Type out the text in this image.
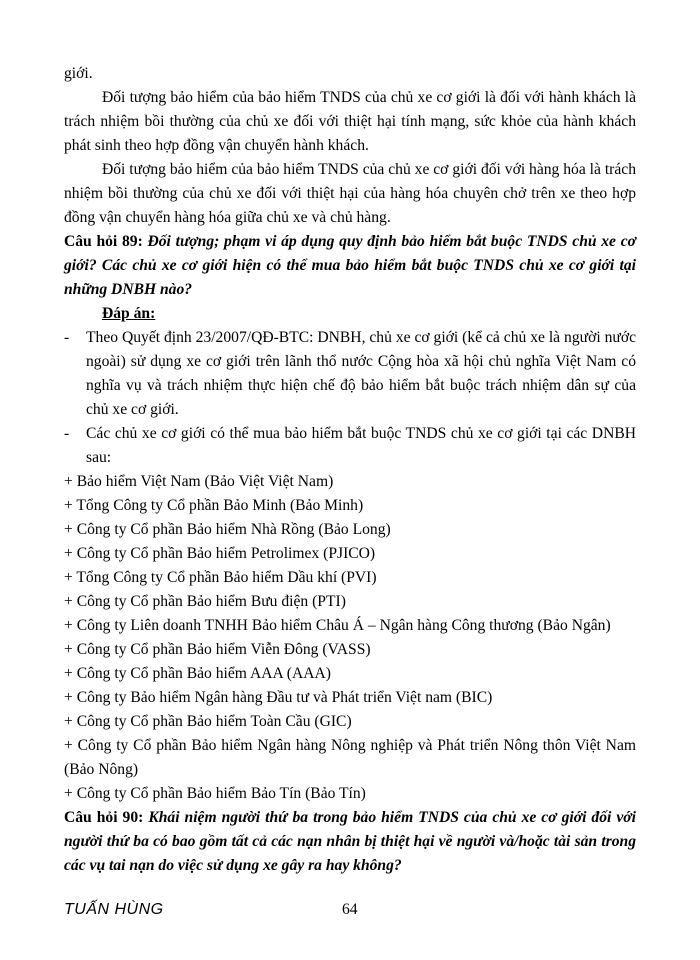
giới.

Đối tượng bảo hiểm của bảo hiểm TNDS của chủ xe cơ giới là đối với hành khách là trách nhiệm bồi thường của chủ xe đối với thiệt hại tính mạng, sức khỏe của hành khách phát sinh theo hợp đồng vận chuyển hành khách.

Đối tượng bảo hiểm của bảo hiểm TNDS của chủ xe cơ giới đối với hàng hóa là trách nhiệm bồi thường của chủ xe đối với thiệt hại của hàng hóa chuyên chở trên xe theo hợp đồng vận chuyển hàng hóa giữa chủ xe và chủ hàng.

Câu hỏi 89: Đối tượng; phạm vi áp dụng quy định bảo hiểm bắt buộc TNDS chủ xe cơ giới? Các chủ xe cơ giới hiện có thể mua bảo hiểm bắt buộc TNDS chủ xe cơ giới tại những DNBH nào?

Đáp án:

-	Theo Quyết định 23/2007/QĐ-BTC: DNBH, chủ xe cơ giới (kể cả chủ xe là người nước ngoài) sử dụng xe cơ giới trên lãnh thổ nước Cộng hòa xã hội chủ nghĩa Việt Nam có nghĩa vụ và trách nhiệm thực hiện chế độ bảo hiểm bắt buộc trách nhiệm dân sự của chủ xe cơ giới.
-	Các chủ xe cơ giới có thể mua bảo hiểm bắt buộc TNDS chủ xe cơ giới tại các DNBH sau:

+ Bảo hiểm Việt Nam (Bảo Việt Việt Nam)

+ Tổng Công ty Cổ phần Bảo Minh (Bảo Minh)

+ Công ty Cổ phần Bảo hiểm Nhà Rồng (Bảo Long)

+ Công ty Cổ phần Bảo hiểm Petrolimex (PJICO)

+ Tổng Công ty Cổ phần Bảo hiểm Dầu khí (PVI)

+ Công ty Cổ phần Bảo hiểm Bưu điện (PTI)

+ Công ty Liên doanh TNHH Bảo hiểm Châu Á – Ngân hàng Công thương (Bảo Ngân)

+ Công ty Cổ phần Bảo hiểm Viễn Đông (VASS)

+ Công ty Cổ phần Bảo hiểm AAA (AAA)

+ Công ty Bảo hiểm Ngân hàng Đầu tư và Phát triển Việt nam (BIC)

+ Công ty Cổ phần Bảo hiểm Toàn Cầu (GIC)

+ Công ty Cổ phần Bảo hiểm Ngân hàng Nông nghiệp và Phát triển Nông thôn Việt Nam (Bảo Nông)

+ Công ty Cổ phần Bảo hiểm Bảo Tín (Bảo Tín)

Câu hỏi 90: Khái niệm người thứ ba trong bảo hiểm TNDS của chủ xe cơ giới đối với người thứ ba có bao gồm tất cả các nạn nhân bị thiệt hại về người và/hoặc tài sản trong các vụ tai nạn do việc sử dụng xe gây ra hay không?

TUẤN HÙNG	64
